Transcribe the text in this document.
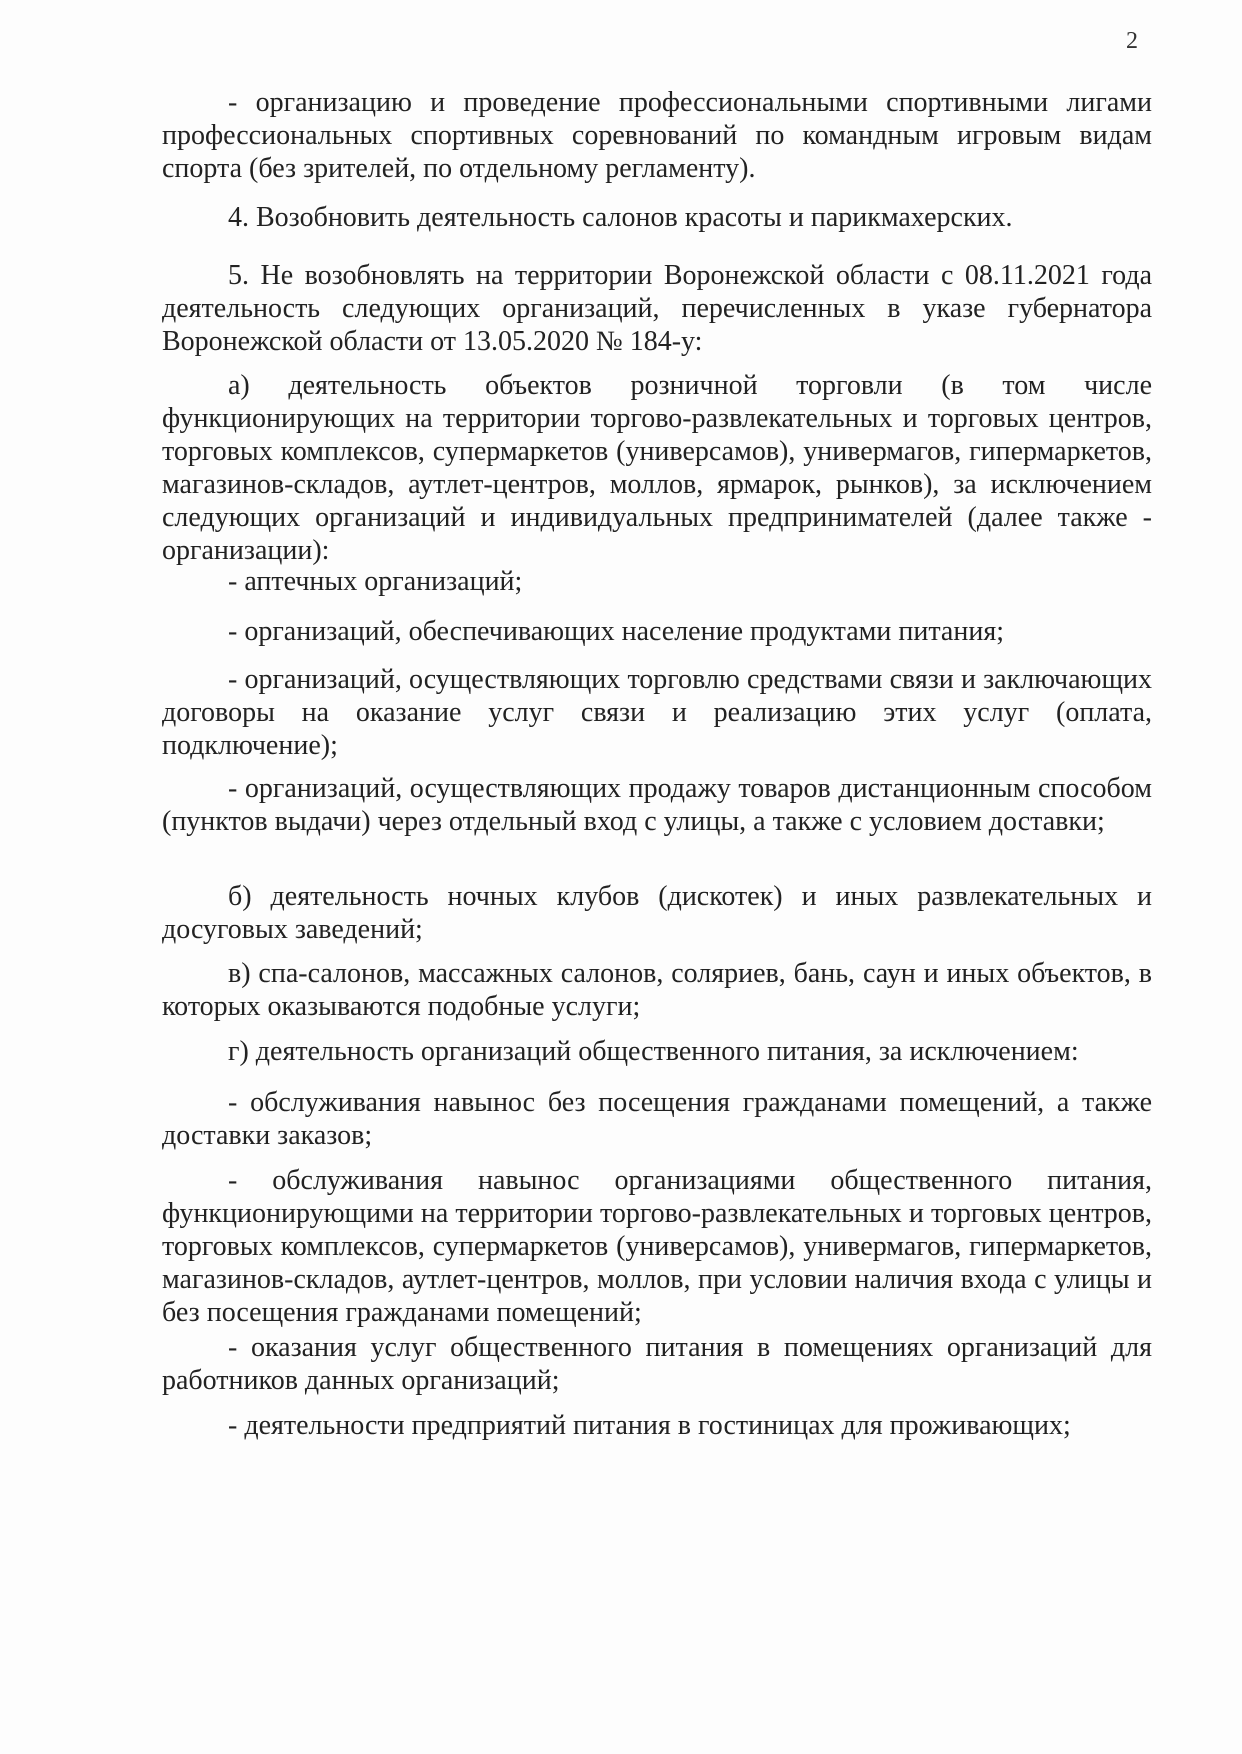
2

- организацию и проведение профессиональными спортивными лигами профессиональных спортивных соревнований по командным игровым видам спорта (без зрителей, по отдельному регламенту).

4. Возобновить деятельность салонов красоты и парикмахерских.

5. Не возобновлять на территории Воронежской области с 08.11.2021 года деятельность следующих организаций, перечисленных в указе губернатора Воронежской области от 13.05.2020 № 184-у:

а) деятельность объектов розничной торговли (в том числе функционирующих на территории торгово-развлекательных и торговых центров, торговых комплексов, супермаркетов (универсамов), универмагов, гипермаркетов, магазинов-складов, аутлет-центров, моллов, ярмарок, рынков), за исключением следующих организаций и индивидуальных предпринимателей (далее также - организации):

- аптечных организаций;

- организаций, обеспечивающих население продуктами питания;

- организаций, осуществляющих торговлю средствами связи и заключающих договоры на оказание услуг связи и реализацию этих услуг (оплата, подключение);

- организаций, осуществляющих продажу товаров дистанционным способом (пунктов выдачи) через отдельный вход с улицы, а также с условием доставки;

б) деятельность ночных клубов (дискотек) и иных развлекательных и досуговых заведений;

в) спа-салонов, массажных салонов, соляриев, бань, саун и иных объектов, в которых оказываются подобные услуги;

г) деятельность организаций общественного питания, за исключением:

- обслуживания навынос без посещения гражданами помещений, а также доставки заказов;

- обслуживания навынос организациями общественного питания, функционирующими на территории торгово-развлекательных и торговых центров, торговых комплексов, супермаркетов (универсамов), универмагов, гипермаркетов, магазинов-складов, аутлет-центров, моллов, при условии наличия входа с улицы и без посещения гражданами помещений;

- оказания услуг общественного питания в помещениях организаций для работников данных организаций;

- деятельности предприятий питания в гостиницах для проживающих;
